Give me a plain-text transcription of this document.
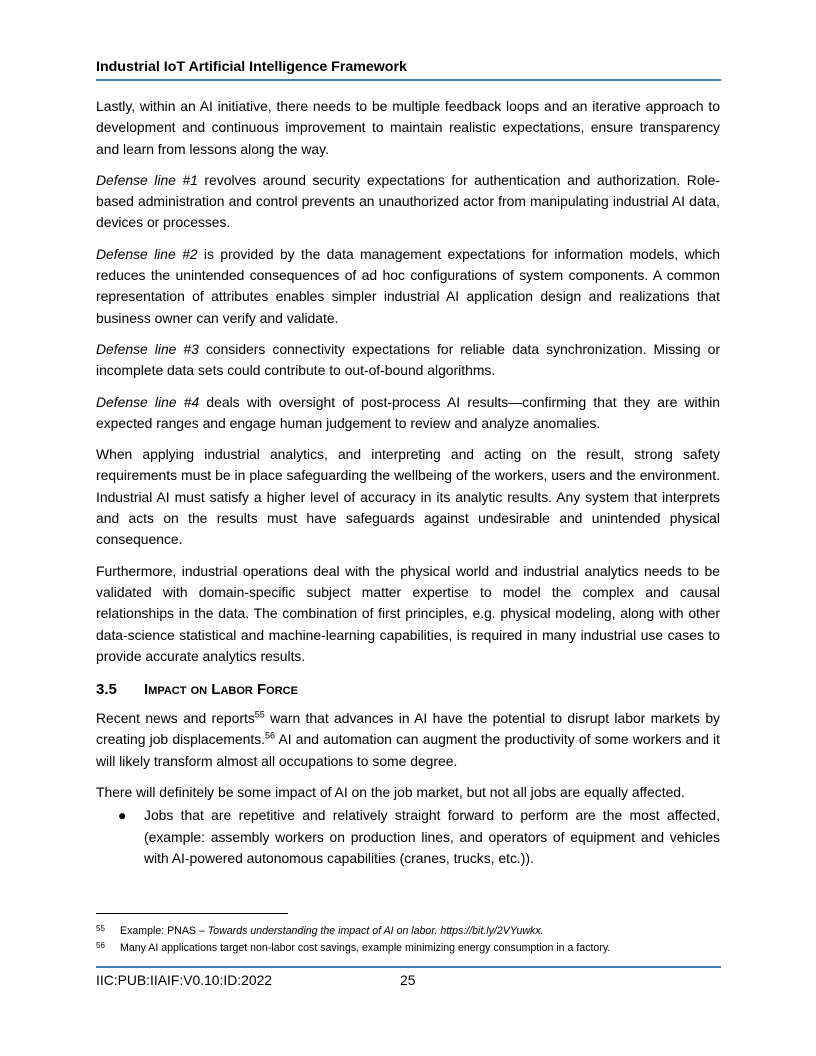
Industrial IoT Artificial Intelligence Framework

Lastly, within an AI initiative, there needs to be multiple feedback loops and an iterative approach to development and continuous improvement to maintain realistic expectations, ensure transparency and learn from lessons along the way.

Defense line #1 revolves around security expectations for authentication and authorization. Role-based administration and control prevents an unauthorized actor from manipulating industrial AI data, devices or processes.

Defense line #2 is provided by the data management expectations for information models, which reduces the unintended consequences of ad hoc configurations of system components. A common representation of attributes enables simpler industrial AI application design and realizations that business owner can verify and validate.

Defense line #3 considers connectivity expectations for reliable data synchronization. Missing or incomplete data sets could contribute to out-of-bound algorithms.

Defense line #4 deals with oversight of post-process AI results—confirming that they are within expected ranges and engage human judgement to review and analyze anomalies.

When applying industrial analytics, and interpreting and acting on the result, strong safety requirements must be in place safeguarding the wellbeing of the workers, users and the environment. Industrial AI must satisfy a higher level of accuracy in its analytic results. Any system that interprets and acts on the results must have safeguards against undesirable and unintended physical consequence.

Furthermore, industrial operations deal with the physical world and industrial analytics needs to be validated with domain-specific subject matter expertise to model the complex and causal relationships in the data. The combination of first principles, e.g. physical modeling, along with other data-science statistical and machine-learning capabilities, is required in many industrial use cases to provide accurate analytics results.

3.5	Impact on Labor Force

Recent news and reports$^{55}$ warn that advances in AI have the potential to disrupt labor markets by creating job displacements.$^{56}$ AI and automation can augment the productivity of some workers and it will likely transform almost all occupations to some degree.

There will definitely be some impact of AI on the job market, but not all jobs are equally affected.

● Jobs that are repetitive and relatively straight forward to perform are the most affected, (example: assembly workers on production lines, and operators of equipment and vehicles with AI-powered autonomous capabilities (cranes, trucks, etc.)).
55	Example: PNAS – Towards understanding the impact of AI on labor. https://bit.ly/2VYuwkx.
56	Many AI applications target non-labor cost savings, example minimizing energy consumption in a factory.
IIC:PUB:IIAIF:V0.10:ID:2022	25
